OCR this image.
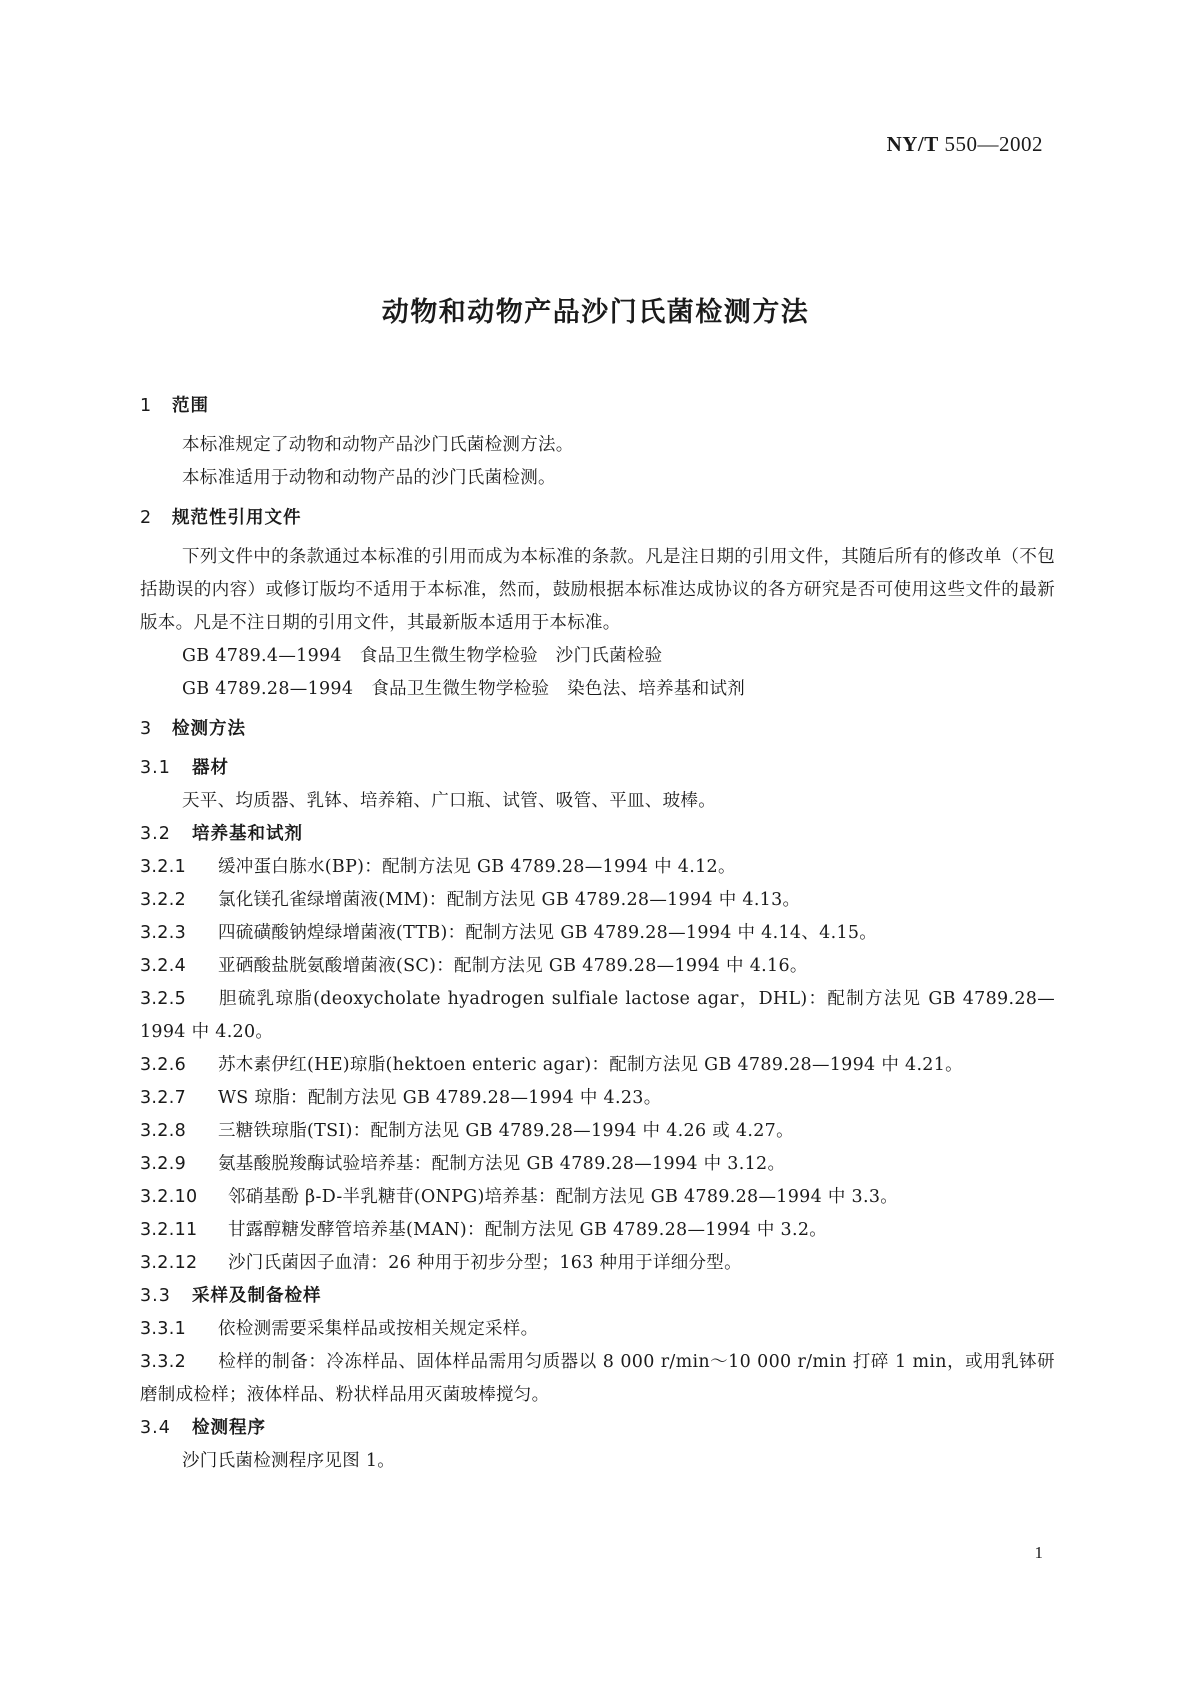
NY/T 550—2002
动物和动物产品沙门氏菌检测方法

1 范围

本标准规定了动物和动物产品沙门氏菌检测方法。

本标准适用于动物和动物产品的沙门氏菌检测。

2 规范性引用文件

下列文件中的条款通过本标准的引用而成为本标准的条款。凡是注日期的引用文件，其随后所有的修改单（不包括勘误的内容）或修订版均不适用于本标准，然而，鼓励根据本标准达成协议的各方研究是否可使用这些文件的最新版本。凡是不注日期的引用文件，其最新版本适用于本标准。

GB 4789.4—1994 食品卫生微生物学检验　沙门氏菌检验

GB 4789.28—1994 食品卫生微生物学检验　染色法、培养基和试剂

3 检测方法

3.1 器材

天平、均质器、乳钵、培养箱、广口瓶、试管、吸管、平皿、玻棒。

3.2 培养基和试剂

3.2.1 缓冲蛋白胨水(BP)：配制方法见 GB 4789.28—1994 中 4.12。

3.2.2 氯化镁孔雀绿增菌液(MM)：配制方法见 GB 4789.28—1994 中 4.13。

3.2.3 四硫磺酸钠煌绿增菌液(TTB)：配制方法见 GB 4789.28—1994 中 4.14、4.15。

3.2.4 亚硒酸盐胱氨酸增菌液(SC)：配制方法见 GB 4789.28—1994 中 4.16。

3.2.5 胆硫乳琼脂(deoxycholate hyadrogen sulfiale lactose agar，DHL)：配制方法见 GB 4789.28—1994 中 4.20。

3.2.6 苏木素伊红(HE)琼脂(hektoen enteric agar)：配制方法见 GB 4789.28—1994 中 4.21。

3.2.7 WS 琼脂：配制方法见 GB 4789.28—1994 中 4.23。

3.2.8 三糖铁琼脂(TSI)：配制方法见 GB 4789.28—1994 中 4.26 或 4.27。

3.2.9 氨基酸脱羧酶试验培养基：配制方法见 GB 4789.28—1994 中 3.12。

3.2.10 邻硝基酚 β-D-半乳糖苷(ONPG)培养基：配制方法见 GB 4789.28—1994 中 3.3。

3.2.11 甘露醇糖发酵管培养基(MAN)：配制方法见 GB 4789.28—1994 中 3.2。

3.2.12 沙门氏菌因子血清：26 种用于初步分型；163 种用于详细分型。

3.3 采样及制备检样

3.3.1 依检测需要采集样品或按相关规定采样。

3.3.2 检样的制备：冷冻样品、固体样品需用匀质器以 8 000 r/min～10 000 r/min 打碎 1 min，或用乳钵研磨制成检样；液体样品、粉状样品用灭菌玻棒搅匀。

3.4 检测程序

沙门氏菌检测程序见图 1。

1
